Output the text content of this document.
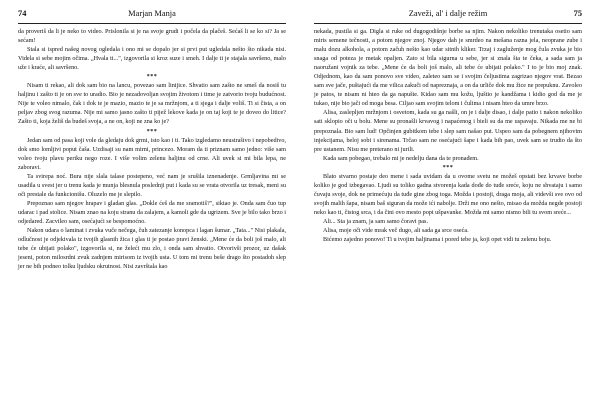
74	Marjan Manja

da proveriš da li je neko to video. Prislonila si je na svoje grudi i počela da plačeš. Sećaš li se ko si? Ja se sećam!

Stala si ispred našeg novog ogledala i ono mi se dopalo jer si prvi put ugledala nešto što nikada nisi. Videla si sebe mojim očima. „Hvala ti...", izgovorila si kroz suze i smeh. I dalje ti je stajala savršeno, malo uže i kraće, ali savršeno.

***

Nisam ti rekao, ali dok sam bio na lancu, povezao sam linijice. Shvatio sam zašto ne smeš da nosiš tu haljinu i zašto ti je on sve to uradio. Bio je nezadovoljan svojim životom i time je zatvorio tvoju budućnost. Nije te voleo nimalo, čak i dok te je mazio, mazio te je sa mržnjom, a ti sjega i dalje voliš. Ti si čista, a on peljav zbog svog razuma. Nije mi samo jasno zašto ti pijež lekove kada je on taj koji te je doveo do litice? Zašto ti, koja želiš da budeš svoja, a ne on, koji ne zna ko je?

***

Jedan sam od pasa koji vole da gledaju dok grmi, isto kao i ti. Tako izgledamo neustrašivo i nepobedivo, dok smo lomljivi poput čaša. Uzdisaji su nam mirni, princezo. Moram da ti priznam samo jedno: više sam voleo tvoju plavu periku nego roze. I više volim zelenu haljinu od crne. Ali uvek si mi bila lepa, ne zaboravi.

Ta svirepa noć. Bura nije slala talase postepeno, već nam je srušila iznenadenje. Grmljavina mi se usadila u svest jer u trenu kada je munja blesnula poslednji put i kada su se vrata otvorila uz tresak, meni su oči prestale da funkcionišu. Oluzelo me je slepilo.

Prepoznao sam njegov hrapav i gladan glas. „Dokle ćeš da me sramotiš?", siktao je. Onda sam čuo tup udarac i pad stolice. Nisam znao na koju stranu da zalajem, a kamoli gde da ugrizem. Sve je bilo tako brzo i odjedared. Zacvileo sam, osećajući se bespomoćno.

Nakon udara o laminat i zvuka vuče nečega, čuh zatezanje konopca i lagan šumar. „Tata..." Nisi plakala, odlučnost je odjekivala iz tvojih glasnih žica i glas ti je postao pravi ženski. „Mene će da boli još malo, ali tebe će ubijati polako", izgovorila si, ne želeći mu zlo, i onda sam shvatio. Otvorivši prozor, uz dašak jeseni, poton milosrdni zvuk zadnjem mirisom iz tvojih usta. U tom mi trenu beše drago što postadoh slep jer ne bih podneo tolku ljudsku okrutnost. Nisi završtala kao

Zaveži, al' i dalje režim	75

nekada, pustila si ga. Digla si ruke od dugogodišnje borbe sa njim. Nakon nekoliko trenutaka osetio sam miris semene tečnosti, a potom njegov znoj. Njegov dah je smrdeo na mešana razna jela, neoprane zube i malu dozu alkohola, a potom začuh nešto kao udar sitnih kliker. Trzaj i zagluženje mog čula zvuka je bio snaga od poteza je metak opaljen. Zato si bila sigurna u sebe, jer si znala šta te čeka, a sada sam ja naoružani vojnik za tebe. „Mene će da boli još malo, ali tebe će ubijati polako." I to je bio moj znak. Odjednom, kao da sam ponovo sve video, zaleteo sam se i svojim čeljustima zagrizao njegov vrat. Bezao sam sve jače, puštajući da me vilica zakuči od napreznaja, a on da urliče dok mu žice ne prepuknu. Zavoleo je patos, te nisam ni hteo da ga napušte. Kidao sam mu kožu, ljuštio je kandžama i kidio god da me je tukao, nije bio jači od moga besa. Ciljao sam svojim telom i čulima i nisam hteo da umre brzo.

Alisa, zaslepljen mržnjom i osvetom, kada su ga našli, on je i dalje disao, i dalje patio i nakon nekoliko sati sklopio oči u bolu. Mene su pronašli krvavog i napaćenog i bieli su da me uspavaju. Nikada me ne bi prepoznala. Bio sam lud! Opčinjen gubitkom tebe i slep sam našao put. Uspeo sam da pobegnem njihovim injekcijama, belоj sobi i sirenama. Trčao sam ne osećajući šape i kada bih pao, uvek sam se trudio da što pre ustanem. Nisu me preterano ni jurili.

Kada sam pobegao, trebalo mi je nedelju dana da te pronađem.

***

Blato stvarno postaje deo mene i sada uvidam da u ovome svetu ne možeš opstati bez krvave borbe koliko je god izbegavao. Ljudi su toliko gadna stvorenja kada dođe do tuđe sreće, koju ne shvataju i samo čuvaju svoje, dok ne primećuju da tuđe gine zbog toga. Možda i postoji, draga moja, ali videvši sve ovo od svojih malih šapa, nisam baš siguran da može ići nabolje. Drži me ono nešto, misao da možda negde postoji neko kao ti, čistog srca, i da čini ovo mesto popt ušpavanke. Možda mi samo nismo bili tu svom sreće...

Ali... Sta ja znam, ja sam samo čoravi pas.

Alisa, moje oči vide mrak več dugo, ali sada ga srce oseća.

Bićemo zajedno ponovo! Ti u tvojim haljinama i pored tebe ja, koji opet vidi tu zelenu boju.
